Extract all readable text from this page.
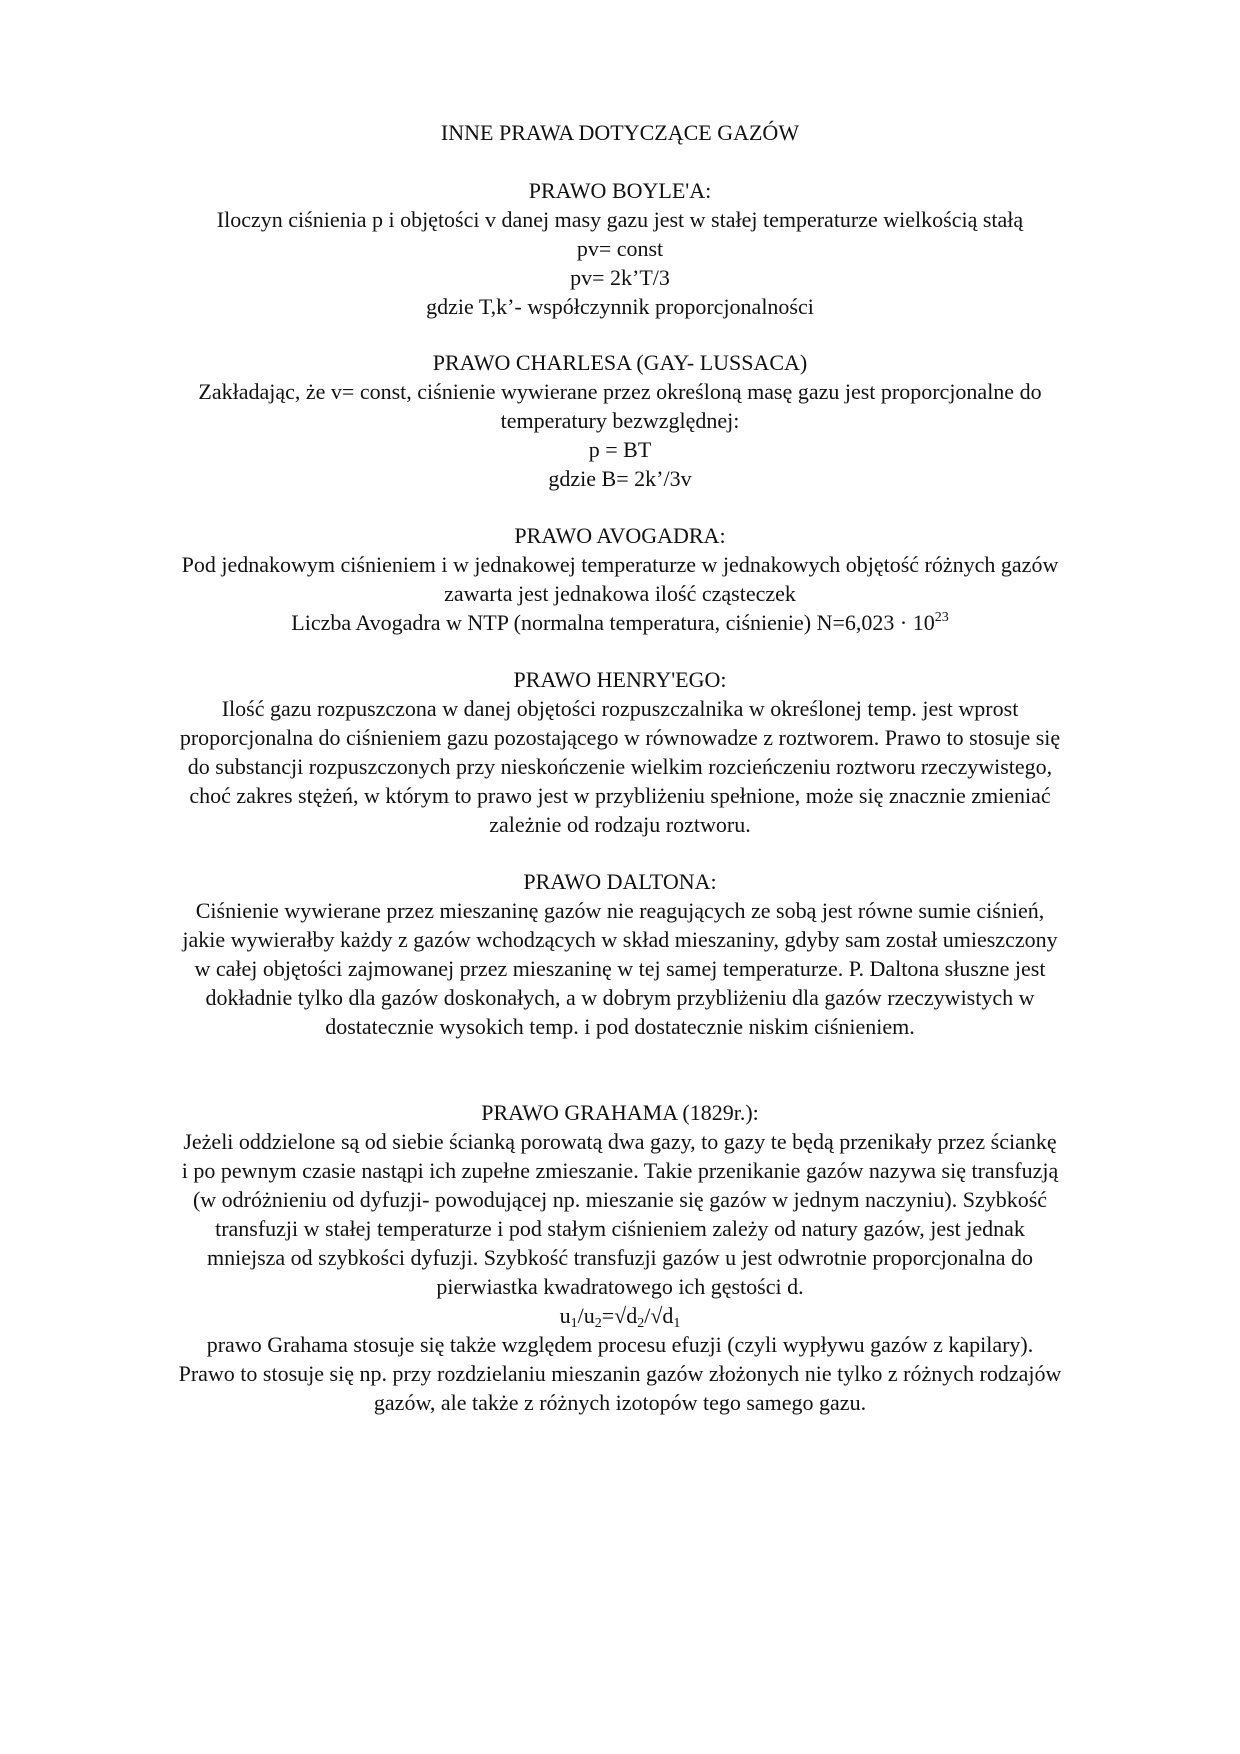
INNE PRAWA DOTYCZĄCE GAZÓW
PRAWO BOYLE'A:
Iloczyn ciśnienia p i objętości v danej masy gazu jest w stałej temperaturze wielkością stałą
pv= const
pv= 2k’T/3
gdzie T,k’- współczynnik proporcjonalności
PRAWO CHARLESA (GAY- LUSSACA)
Zakładając, że v= const, ciśnienie wywierane przez określoną masę gazu jest proporcjonalne do
temperatury bezwzględnej:
p = BT
gdzie B= 2k’/3v
PRAWO AVOGADRA:
Pod jednakowym ciśnieniem i w jednakowej temperaturze w jednakowych objętość różnych gazów
zawarta jest jednakowa ilość cząsteczek
Liczba Avogadra w NTP (normalna temperatura, ciśnienie) $N=6,023 \cdot 10^{23}$
PRAWO HENRY'EGO:
Ilość gazu rozpuszczona w danej objętości rozpuszczalnika w określonej temp. jest wprost
proporcjonalna do ciśnieniem gazu pozostającego w równowadze z roztworem. Prawo to stosuje się
do substancji rozpuszczonych przy nieskończenie wielkim rozcieńczeniu roztworu rzeczywistego,
choć zakres stężeń, w którym to prawo jest w przybliżeniu spełnione, może się znacznie zmieniać
zależnie od rodzaju roztworu.
PRAWO DALTONA:
Ciśnienie wywierane przez mieszaninę gazów nie reagujących ze sobą jest równe sumie ciśnień,
jakie wywierałby każdy z gazów wchodzących w skład mieszaniny, gdyby sam został umieszczony
w całej objętości zajmowanej przez mieszaninę w tej samej temperaturze. P. Daltona słuszne jest
dokładnie tylko dla gazów doskonałych, a w dobrym przybliżeniu dla gazów rzeczywistych w
dostatecznie wysokich temp. i pod dostatecznie niskim ciśnieniem.
PRAWO GRAHAMA (1829r.):
Jeżeli oddzielone są od siebie ścianką porowatą dwa gazy, to gazy te będą przenikały przez ściankę
i po pewnym czasie nastąpi ich zupełne zmieszanie. Takie przenikanie gazów nazywa się transfuzją
(w odróżnieniu od dyfuzji- powodującej np. mieszanie się gazów w jednym naczyniu). Szybkość
transfuzji w stałej temperaturze i pod stałym ciśnieniem zależy od natury gazów, jest jednak
mniejsza od szybkości dyfuzji. Szybkość transfuzji gazów u jest odwrotnie proporcjonalna do
pierwiastka kwadratowego ich gęstości d.
$u_1/u_2=√d_2/√d_1$
prawo Grahama stosuje się także względem procesu efuzji (czyli wypływu gazów z kapilary).
Prawo to stosuje się np. przy rozdzielaniu mieszanin gazów złożonych nie tylko z różnych rodzajów
gazów, ale także z różnych izotopów tego samego gazu.
